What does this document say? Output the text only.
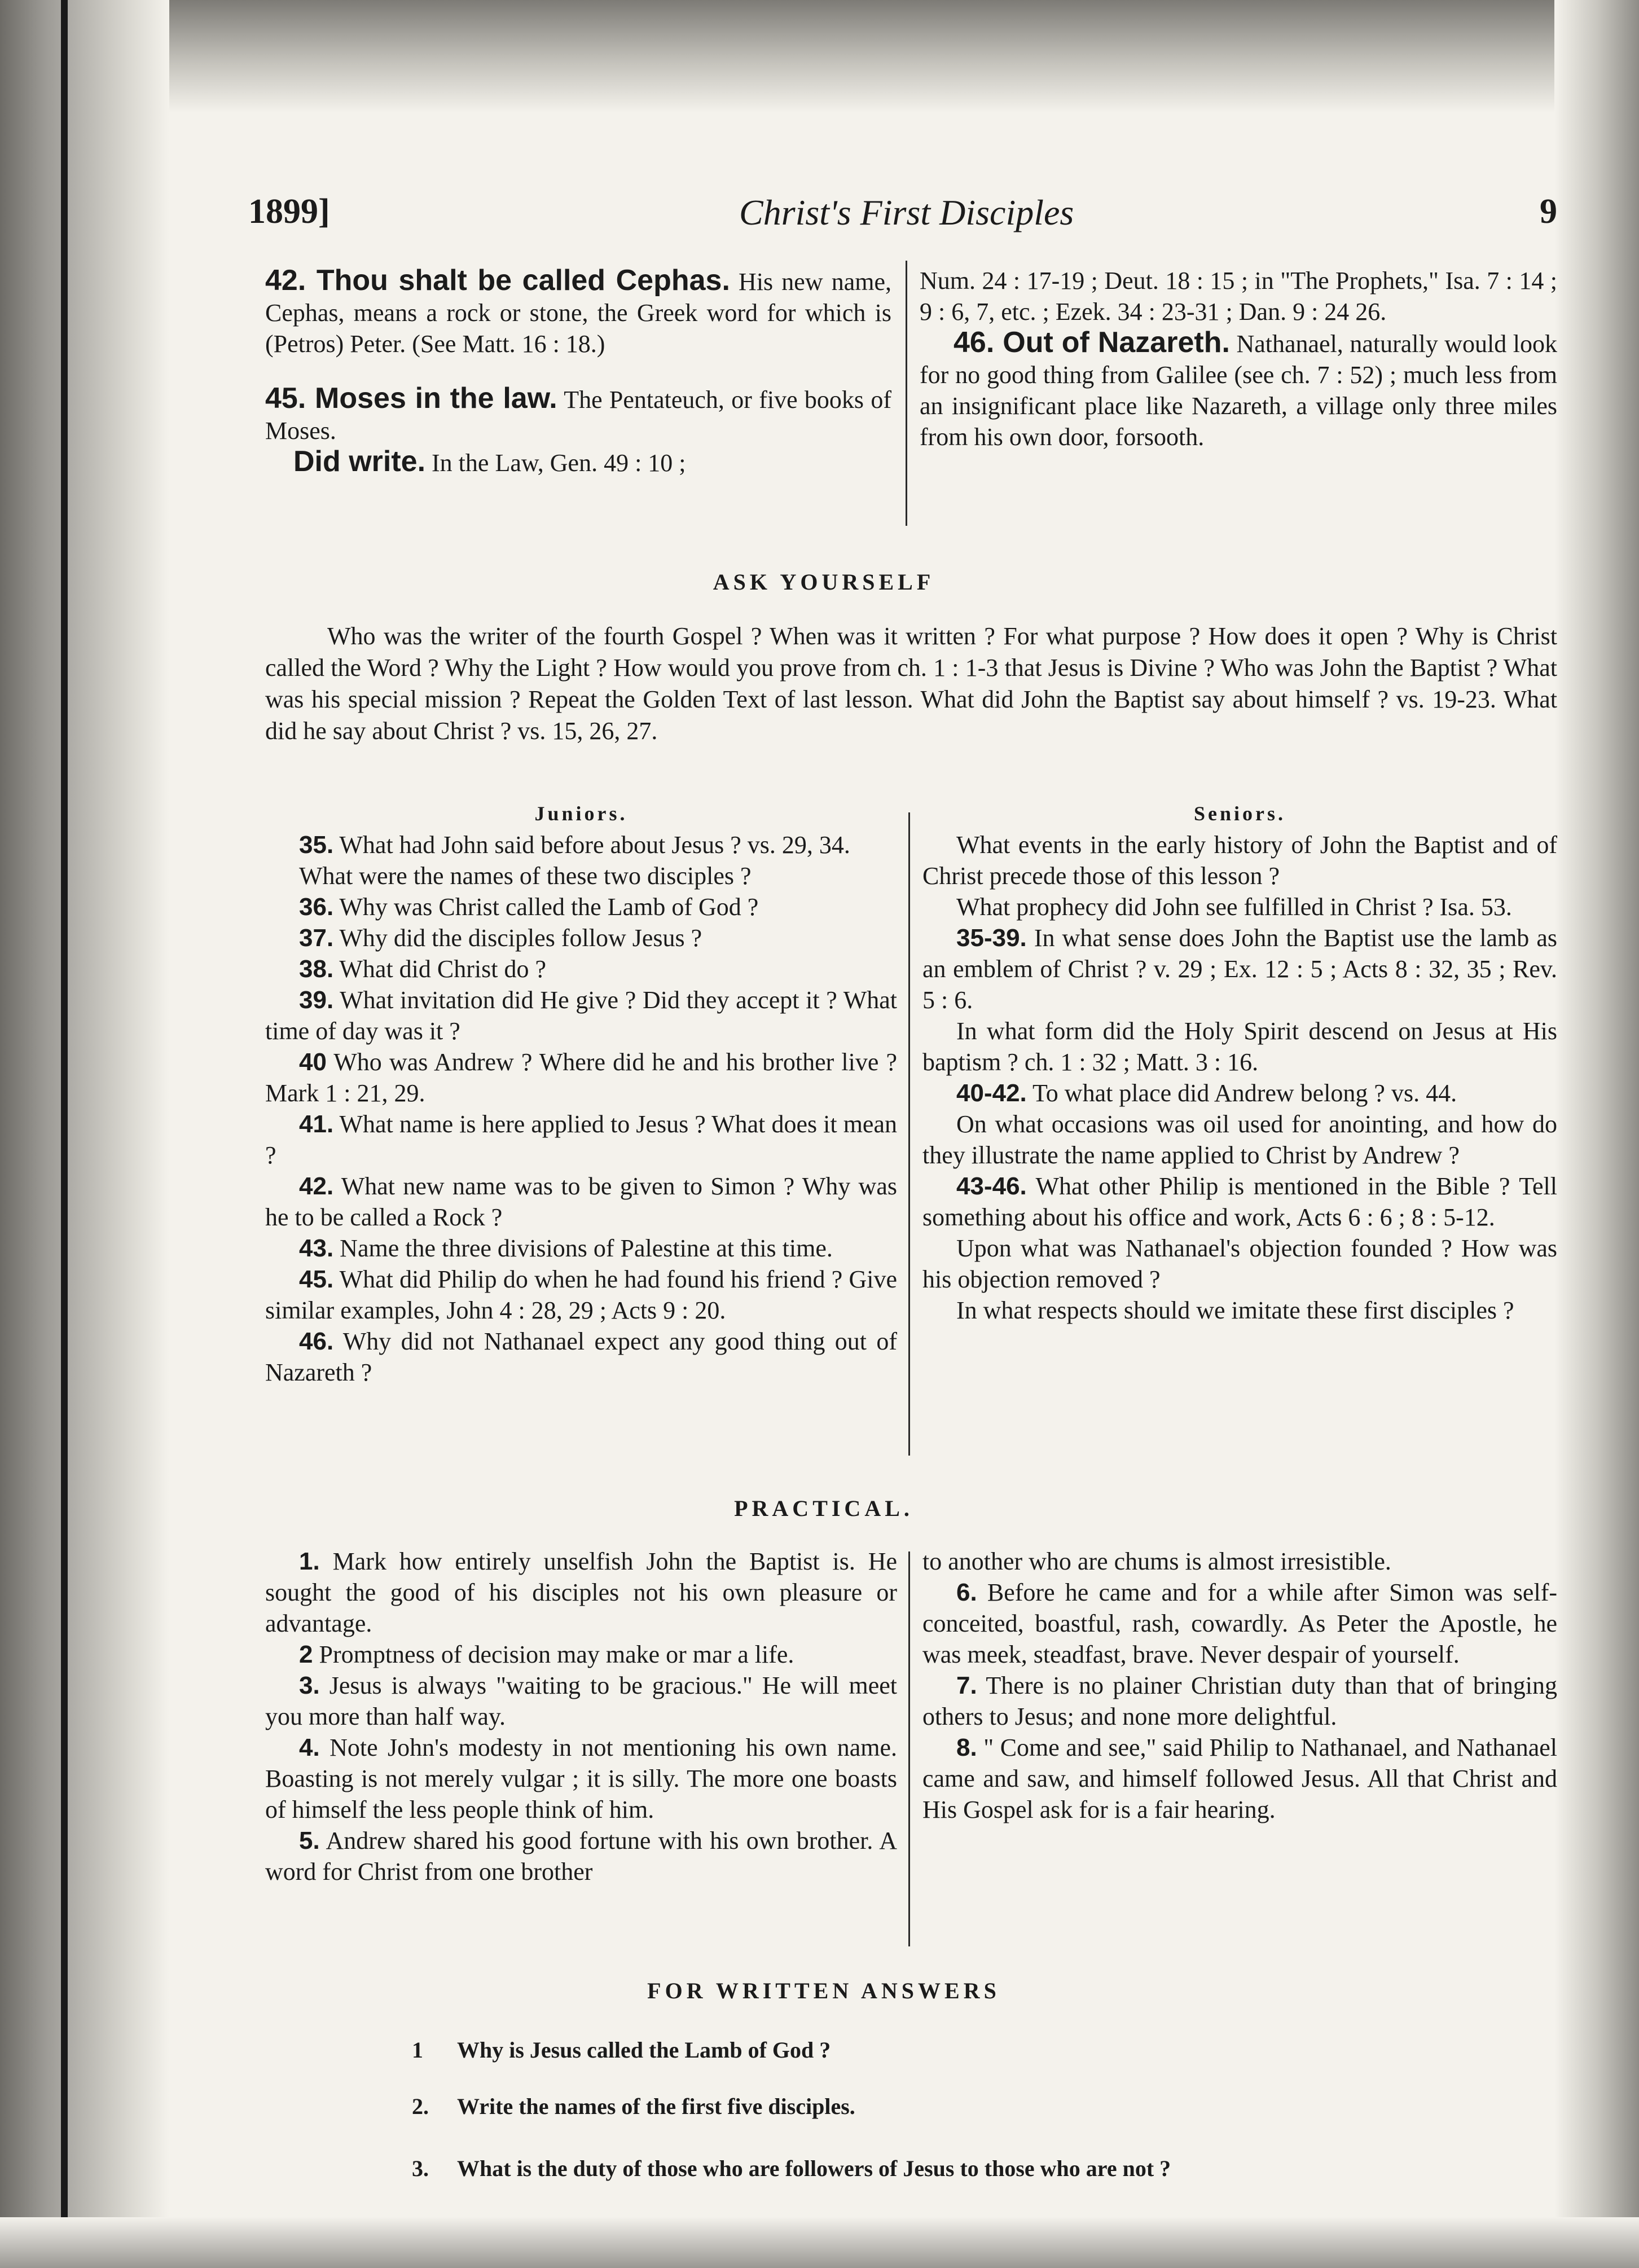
1899]	Christ's First Disciples	9

42. Thou shalt be called Cephas. His new name, Cephas, means a rock or stone, the Greek word for which is (Petros) Peter. (See Matt. 16 : 18.)

45. Moses in the law. The Pentateuch, or five books of Moses.

Did write. In the Law, Gen. 49 : 10 ;

Num. 24 : 17-19 ; Deut. 18 : 15 ; in "The Prophets," Isa. 7 : 14 ; 9 : 6, 7, etc. ; Ezek. 34 : 23-31 ; Dan. 9 : 24 26.

46. Out of Nazareth. Nathanael, naturally would look for no good thing from Galilee (see ch. 7 : 52) ; much less from an insignificant place like Nazareth, a village only three miles from his own door, forsooth.

ASK YOURSELF

Who was the writer of the fourth Gospel ? When was it written ? For what purpose ? How does it open ? Why is Christ called the Word ? Why the Light ? How would you prove from ch. 1 : 1-3 that Jesus is Divine ? Who was John the Baptist ? What was his special mission ? Repeat the Golden Text of last lesson. What did John the Baptist say about himself ? vs. 19-23. What did he say about Christ ? vs. 15, 26, 27.

Juniors.

35. What had John said before about Jesus ? vs. 29, 34.

What were the names of these two disciples ?

36. Why was Christ called the Lamb of God ?

37. Why did the disciples follow Jesus ?

38. What did Christ do ?

39. What invitation did He give ? Did they accept it ? What time of day was it ?

40 Who was Andrew ? Where did he and his brother live ? Mark 1 : 21, 29.

41. What name is here applied to Jesus ? What does it mean ?

42. What new name was to be given to Simon ? Why was he to be called a Rock ?

43. Name the three divisions of Palestine at this time.

45. What did Philip do when he had found his friend ? Give similar examples, John 4 : 28, 29 ; Acts 9 : 20.

46. Why did not Nathanael expect any good thing out of Nazareth ?

Seniors.

What events in the early history of John the Baptist and of Christ precede those of this lesson ?

What prophecy did John see fulfilled in Christ ? Isa. 53.

35-39. In what sense does John the Baptist use the lamb as an emblem of Christ ? v. 29 ; Ex. 12 : 5 ; Acts 8 : 32, 35 ; Rev. 5 : 6.

In what form did the Holy Spirit descend on Jesus at His baptism ? ch. 1 : 32 ; Matt. 3 : 16.

40-42. To what place did Andrew belong ? vs. 44.

On what occasions was oil used for anointing, and how do they illustrate the name applied to Christ by Andrew ?

43-46. What other Philip is mentioned in the Bible ? Tell something about his office and work, Acts 6 : 6 ; 8 : 5-12.

Upon what was Nathanael's objection founded ? How was his objection removed ?

In what respects should we imitate these first disciples ?

PRACTICAL.

1. Mark how entirely unselfish John the Baptist is. He sought the good of his disciples not his own pleasure or advantage.

2 Promptness of decision may make or mar a life.

3. Jesus is always "waiting to be gracious." He will meet you more than half way.

4. Note John's modesty in not mentioning his own name. Boasting is not merely vulgar ; it is silly. The more one boasts of himself the less people think of him.

5. Andrew shared his good fortune with his own brother. A word for Christ from one brother

to another who are chums is almost irresistible.

6. Before he came and for a while after Simon was self-conceited, boastful, rash, cowardly. As Peter the Apostle, he was meek, steadfast, brave. Never despair of yourself.

7. There is no plainer Christian duty than that of bringing others to Jesus; and none more delightful.

8. " Come and see," said Philip to Nathanael, and Nathanael came and saw, and himself followed Jesus. All that Christ and His Gospel ask for is a fair hearing.

FOR WRITTEN ANSWERS
1 Why is Jesus called the Lamb of God ?
2. Write the names of the first five disciples.
3. What is the duty of those who are followers of Jesus to those who are not ?
